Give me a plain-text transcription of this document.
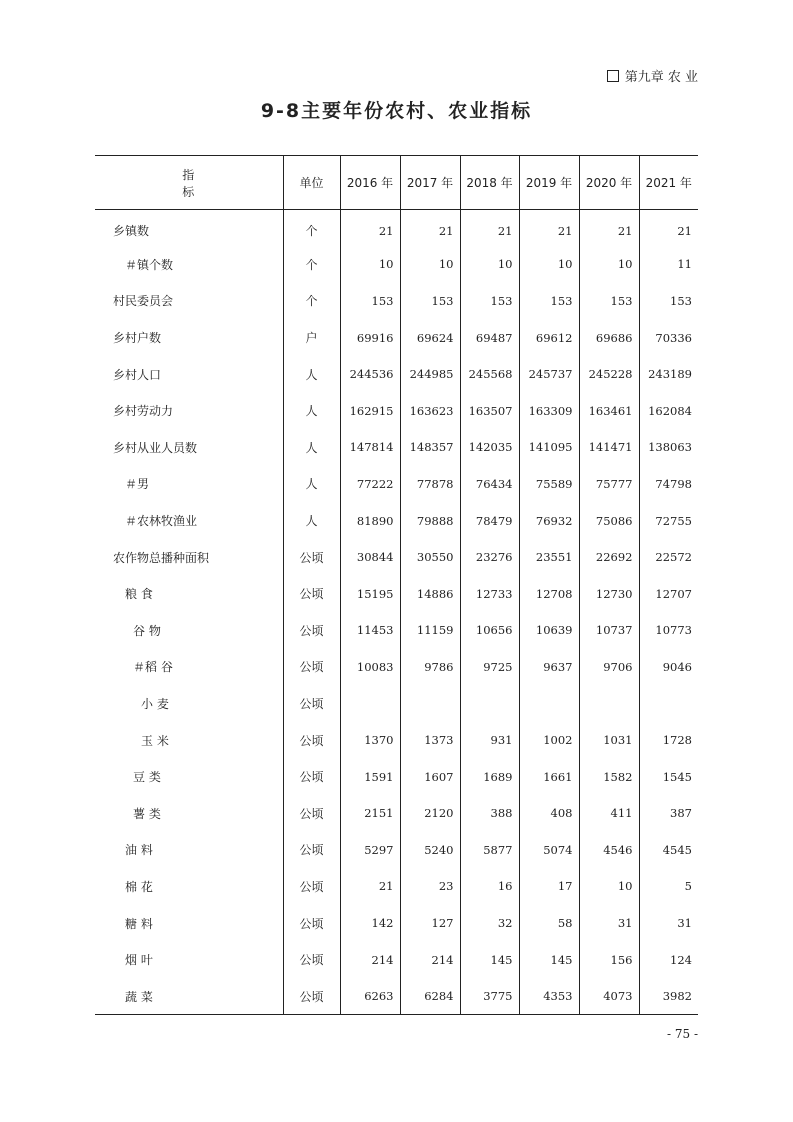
第九章 农 业
9-8主要年份农村、农业指标
指 标	单位	2016 年	2017 年	2018 年	2019 年	2020 年	2021 年
乡镇数	个	21	21	21	21	21	21
＃镇个数	个	10	10	10	10	10	11
村民委员会	个	153	153	153	153	153	153
乡村户数	户	69916	69624	69487	69612	69686	70336
乡村人口	人	244536	244985	245568	245737	245228	243189
乡村劳动力	人	162915	163623	163507	163309	163461	162084
乡村从业人员数	人	147814	148357	142035	141095	141471	138063
＃男	人	77222	77878	76434	75589	75777	74798
＃农林牧渔业	人	81890	79888	78479	76932	75086	72755
农作物总播种面积	公顷	30844	30550	23276	23551	22692	22572
粮 食	公顷	15195	14886	12733	12708	12730	12707
谷 物	公顷	11453	11159	10656	10639	10737	10773
＃稻 谷	公顷	10083	9786	9725	9637	9706	9046
小 麦	公顷						
玉 米	公顷	1370	1373	931	1002	1031	1728
豆 类	公顷	1591	1607	1689	1661	1582	1545
薯 类	公顷	2151	2120	388	408	411	387
油 料	公顷	5297	5240	5877	5074	4546	4545
棉 花	公顷	21	23	16	17	10	5
糖 料	公顷	142	127	32	58	31	31
烟 叶	公顷	214	214	145	145	156	124
蔬 菜	公顷	6263	6284	3775	4353	4073	3982
- 75 -
